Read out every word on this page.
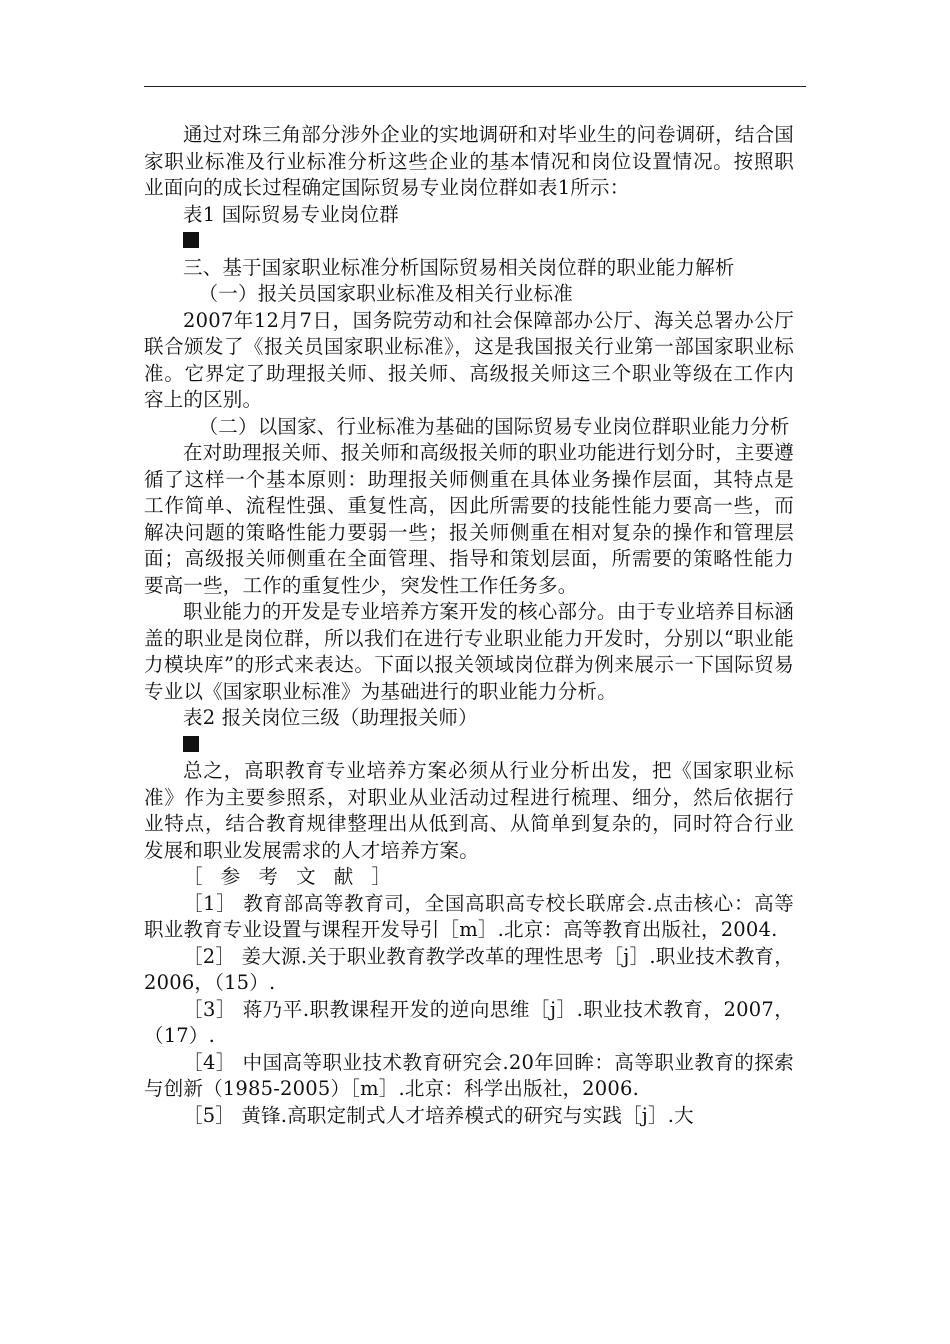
通过对珠三角部分涉外企业的实地调研和对毕业生的问卷调研，结合国家职业标准及行业标准分析这些企业的基本情况和岗位设置情况。按照职业面向的成长过程确定国际贸易专业岗位群如表1所示：

表1 国际贸易专业岗位群

三、基于国家职业标准分析国际贸易相关岗位群的职业能力解析

（一）报关员国家职业标准及相关行业标准

2007年12月7日，国务院劳动和社会保障部办公厅、海关总署办公厅联合颁发了《报关员国家职业标准》，这是我国报关行业第一部国家职业标准。它界定了助理报关师、报关师、高级报关师这三个职业等级在工作内容上的区别。

（二）以国家、行业标准为基础的国际贸易专业岗位群职业能力分析

在对助理报关师、报关师和高级报关师的职业功能进行划分时，主要遵循了这样一个基本原则：助理报关师侧重在具体业务操作层面，其特点是工作简单、流程性强、重复性高，因此所需要的技能性能力要高一些，而解决问题的策略性能力要弱一些；报关师侧重在相对复杂的操作和管理层面；高级报关师侧重在全面管理、指导和策划层面，所需要的策略性能力要高一些，工作的重复性少，突发性工作任务多。

职业能力的开发是专业培养方案开发的核心部分。由于专业培养目标涵盖的职业是岗位群，所以我们在进行专业职业能力开发时，分别以“职业能力模块库”的形式来表达。下面以报关领域岗位群为例来展示一下国际贸易专业以《国家职业标准》为基础进行的职业能力分析。

表2 报关岗位三级（助理报关师）

总之，高职教育专业培养方案必须从行业分析出发，把《国家职业标准》作为主要参照系，对职业从业活动过程进行梳理、细分，然后依据行业特点，结合教育规律整理出从低到高、从简单到复杂的，同时符合行业发展和职业发展需求的人才培养方案。

［ 参 考 文 献 ］

［1］ 教育部高等教育司，全国高职高专校长联席会.点击核心：高等职业教育专业设置与课程开发导引［m］.北京：高等教育出版社，2004.

［2］ 姜大源.关于职业教育教学改革的理性思考［j］.职业技术教育，2006，（15）.

［3］ 蒋乃平.职教课程开发的逆向思维［j］.职业技术教育，2007，（17）.

［4］ 中国高等职业技术教育研究会.20年回眸：高等职业教育的探索与创新（1985-2005）［m］.北京：科学出版社，2006.

［5］ 黄锋.高职定制式人才培养模式的研究与实践［j］.大
